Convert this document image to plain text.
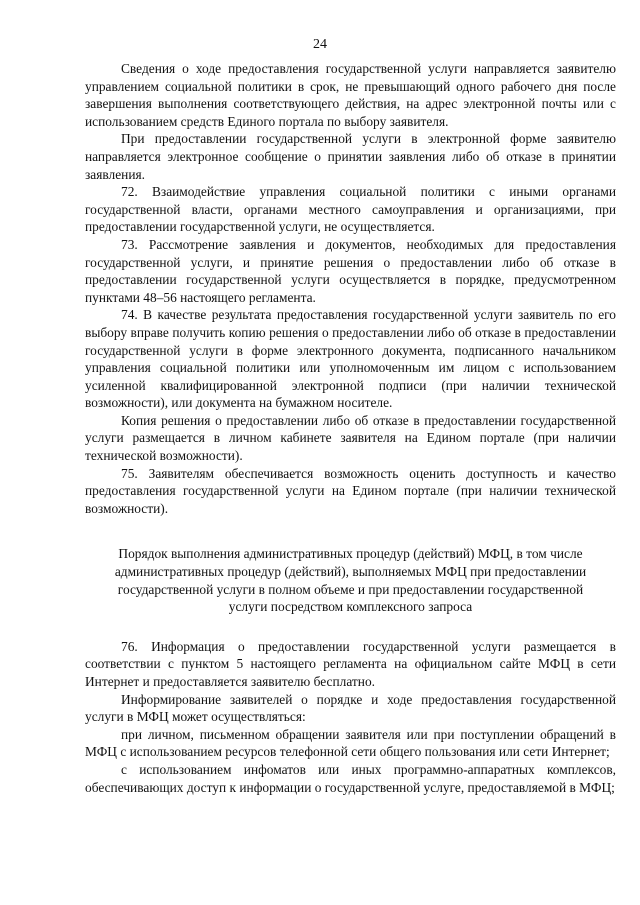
24

Сведения о ходе предоставления государственной услуги направляется заявителю управлением социальной политики в срок, не превышающий одного рабочего дня после завершения выполнения соответствующего действия, на адрес электронной почты или с использованием средств Единого портала по выбору заявителя.

При предоставлении государственной услуги в электронной форме заявителю направляется электронное сообщение о принятии заявления либо об отказе в принятии заявления.

72. Взаимодействие управления социальной политики с иными органами государственной власти, органами местного самоуправления и организациями, при предоставлении государственной услуги, не осуществляется.

73. Рассмотрение заявления и документов, необходимых для предоставления государственной услуги, и принятие решения о предоставлении либо об отказе в предоставлении государственной услуги осуществляется в порядке, предусмотренном пунктами 48–56 настоящего регламента.

74. В качестве результата предоставления государственной услуги заявитель по его выбору вправе получить копию решения о предоставлении либо об отказе в предоставлении государственной услуги в форме электронного документа, подписанного начальником управления социальной политики или уполномоченным им лицом с использованием усиленной квалифицированной электронной подписи (при наличии технической возможности), или документа на бумажном носителе.

Копия решения о предоставлении либо об отказе в предоставлении государственной услуги размещается в личном кабинете заявителя на Едином портале (при наличии технической возможности).

75. Заявителям обеспечивается возможность оценить доступность и качество предоставления государственной услуги на Едином портале (при наличии технической возможности).

Порядок выполнения административных процедур (действий) МФЦ, в том числе
административных процедур (действий), выполняемых МФЦ при предоставлении
государственной услуги в полном объеме и при предоставлении государственной
услуги посредством комплексного запроса

76. Информация о предоставлении государственной услуги размещается в соответствии с пунктом 5 настоящего регламента на официальном сайте МФЦ в сети Интернет и предоставляется заявителю бесплатно.

Информирование заявителей о порядке и ходе предоставления государственной услуги в МФЦ может осуществляться:

при личном, письменном обращении заявителя или при поступлении обращений в МФЦ с использованием ресурсов телефонной сети общего пользования или сети Интернет;

с использованием инфоматов или иных программно-аппаратных комплексов, обеспечивающих доступ к информации о государственной услуге, предоставляемой в МФЦ;
